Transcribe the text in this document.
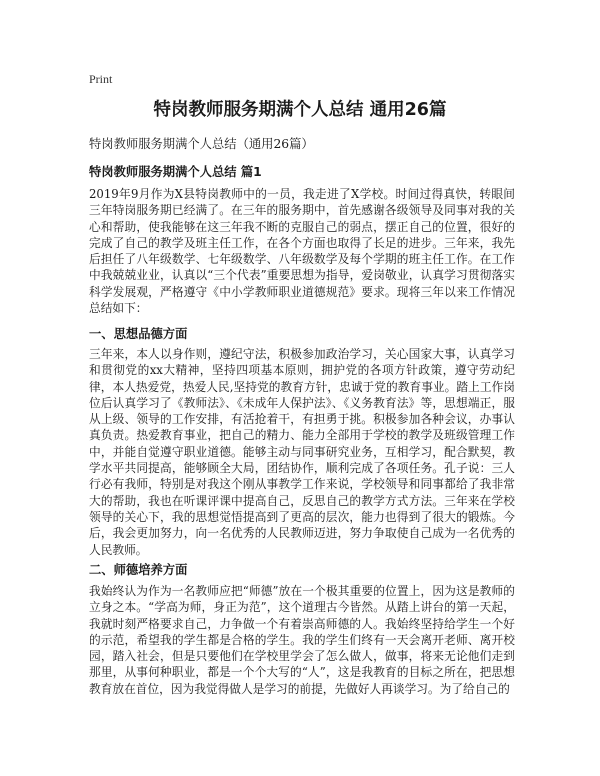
Print
特岗教师服务期满个人总结 通用26篇

特岗教师服务期满个人总结（通用26篇）

特岗教师服务期满个人总结 篇1

2019年9月作为X县特岗教师中的一员，我走进了X学校。时间过得真快，转眼间三年特岗服务期已经满了。在三年的服务期中，首先感谢各级领导及同事对我的关心和帮助，使我能够在这三年我不断的克服自己的弱点，摆正自己的位置，很好的完成了自己的教学及班主任工作，在各个方面也取得了长足的进步。三年来，我先后担任了八年级数学、七年级数学、八年级数学及每个学期的班主任工作。在工作中我兢兢业业，认真以“三个代表”重要思想为指导，爱岗敬业，认真学习贯彻落实科学发展观，严格遵守《中小学教师职业道德规范》要求。现将三年以来工作情况总结如下：

一、思想品德方面

三年来，本人以身作则，遵纪守法，积极参加政治学习，关心国家大事，认真学习和贯彻党的xx大精神，坚持四项基本原则，拥护党的各项方针政策，遵守劳动纪律，本人热爱党，热爱人民,坚持党的教育方针，忠诚于党的教育事业。踏上工作岗位后认真学习了《教师法》、《未成年人保护法》、《义务教育法》等，思想端正，服从上级、领导的工作安排，有活抢着干，有担勇于挑。积极参加各种会议，办事认真负责。热爱教育事业，把自己的精力、能力全部用于学校的教学及班级管理工作中，并能自觉遵守职业道德。能够主动与同事研究业务，互相学习，配合默契，教学水平共同提高，能够顾全大局，团结协作，顺利完成了各项任务。孔子说：三人行必有我师，特别是对我这个刚从事教学工作来说，学校领导和同事都给了我非常大的帮助，我也在听课评课中提高自己，反思自己的教学方式方法。三年来在学校领导的关心下，我的思想觉悟提高到了更高的层次，能力也得到了很大的锻炼。今后，我会更加努力，向一名优秀的人民教师迈进，努力争取使自己成为一名优秀的人民教师。

二、师德培养方面

我始终认为作为一名教师应把“师德”放在一个极其重要的位置上，因为这是教师的立身之本。“学高为师，身正为范”，这个道理古今皆然。从踏上讲台的第一天起，我就时刻严格要求自己，力争做一个有着崇高师德的人。我始终坚持给学生一个好的示范，希望我的学生都是合格的学生。我的学生们终有一天会离开老师、离开校园，踏入社会，但是只要他们在学校里学会了怎么做人，做事，将来无论他们走到那里，从事何种职业，都是一个个大写的“人”，这是我教育的目标之所在，把思想教育放在首位，因为我觉得做人是学习的前提，先做好人再谈学习。为了给自己的
